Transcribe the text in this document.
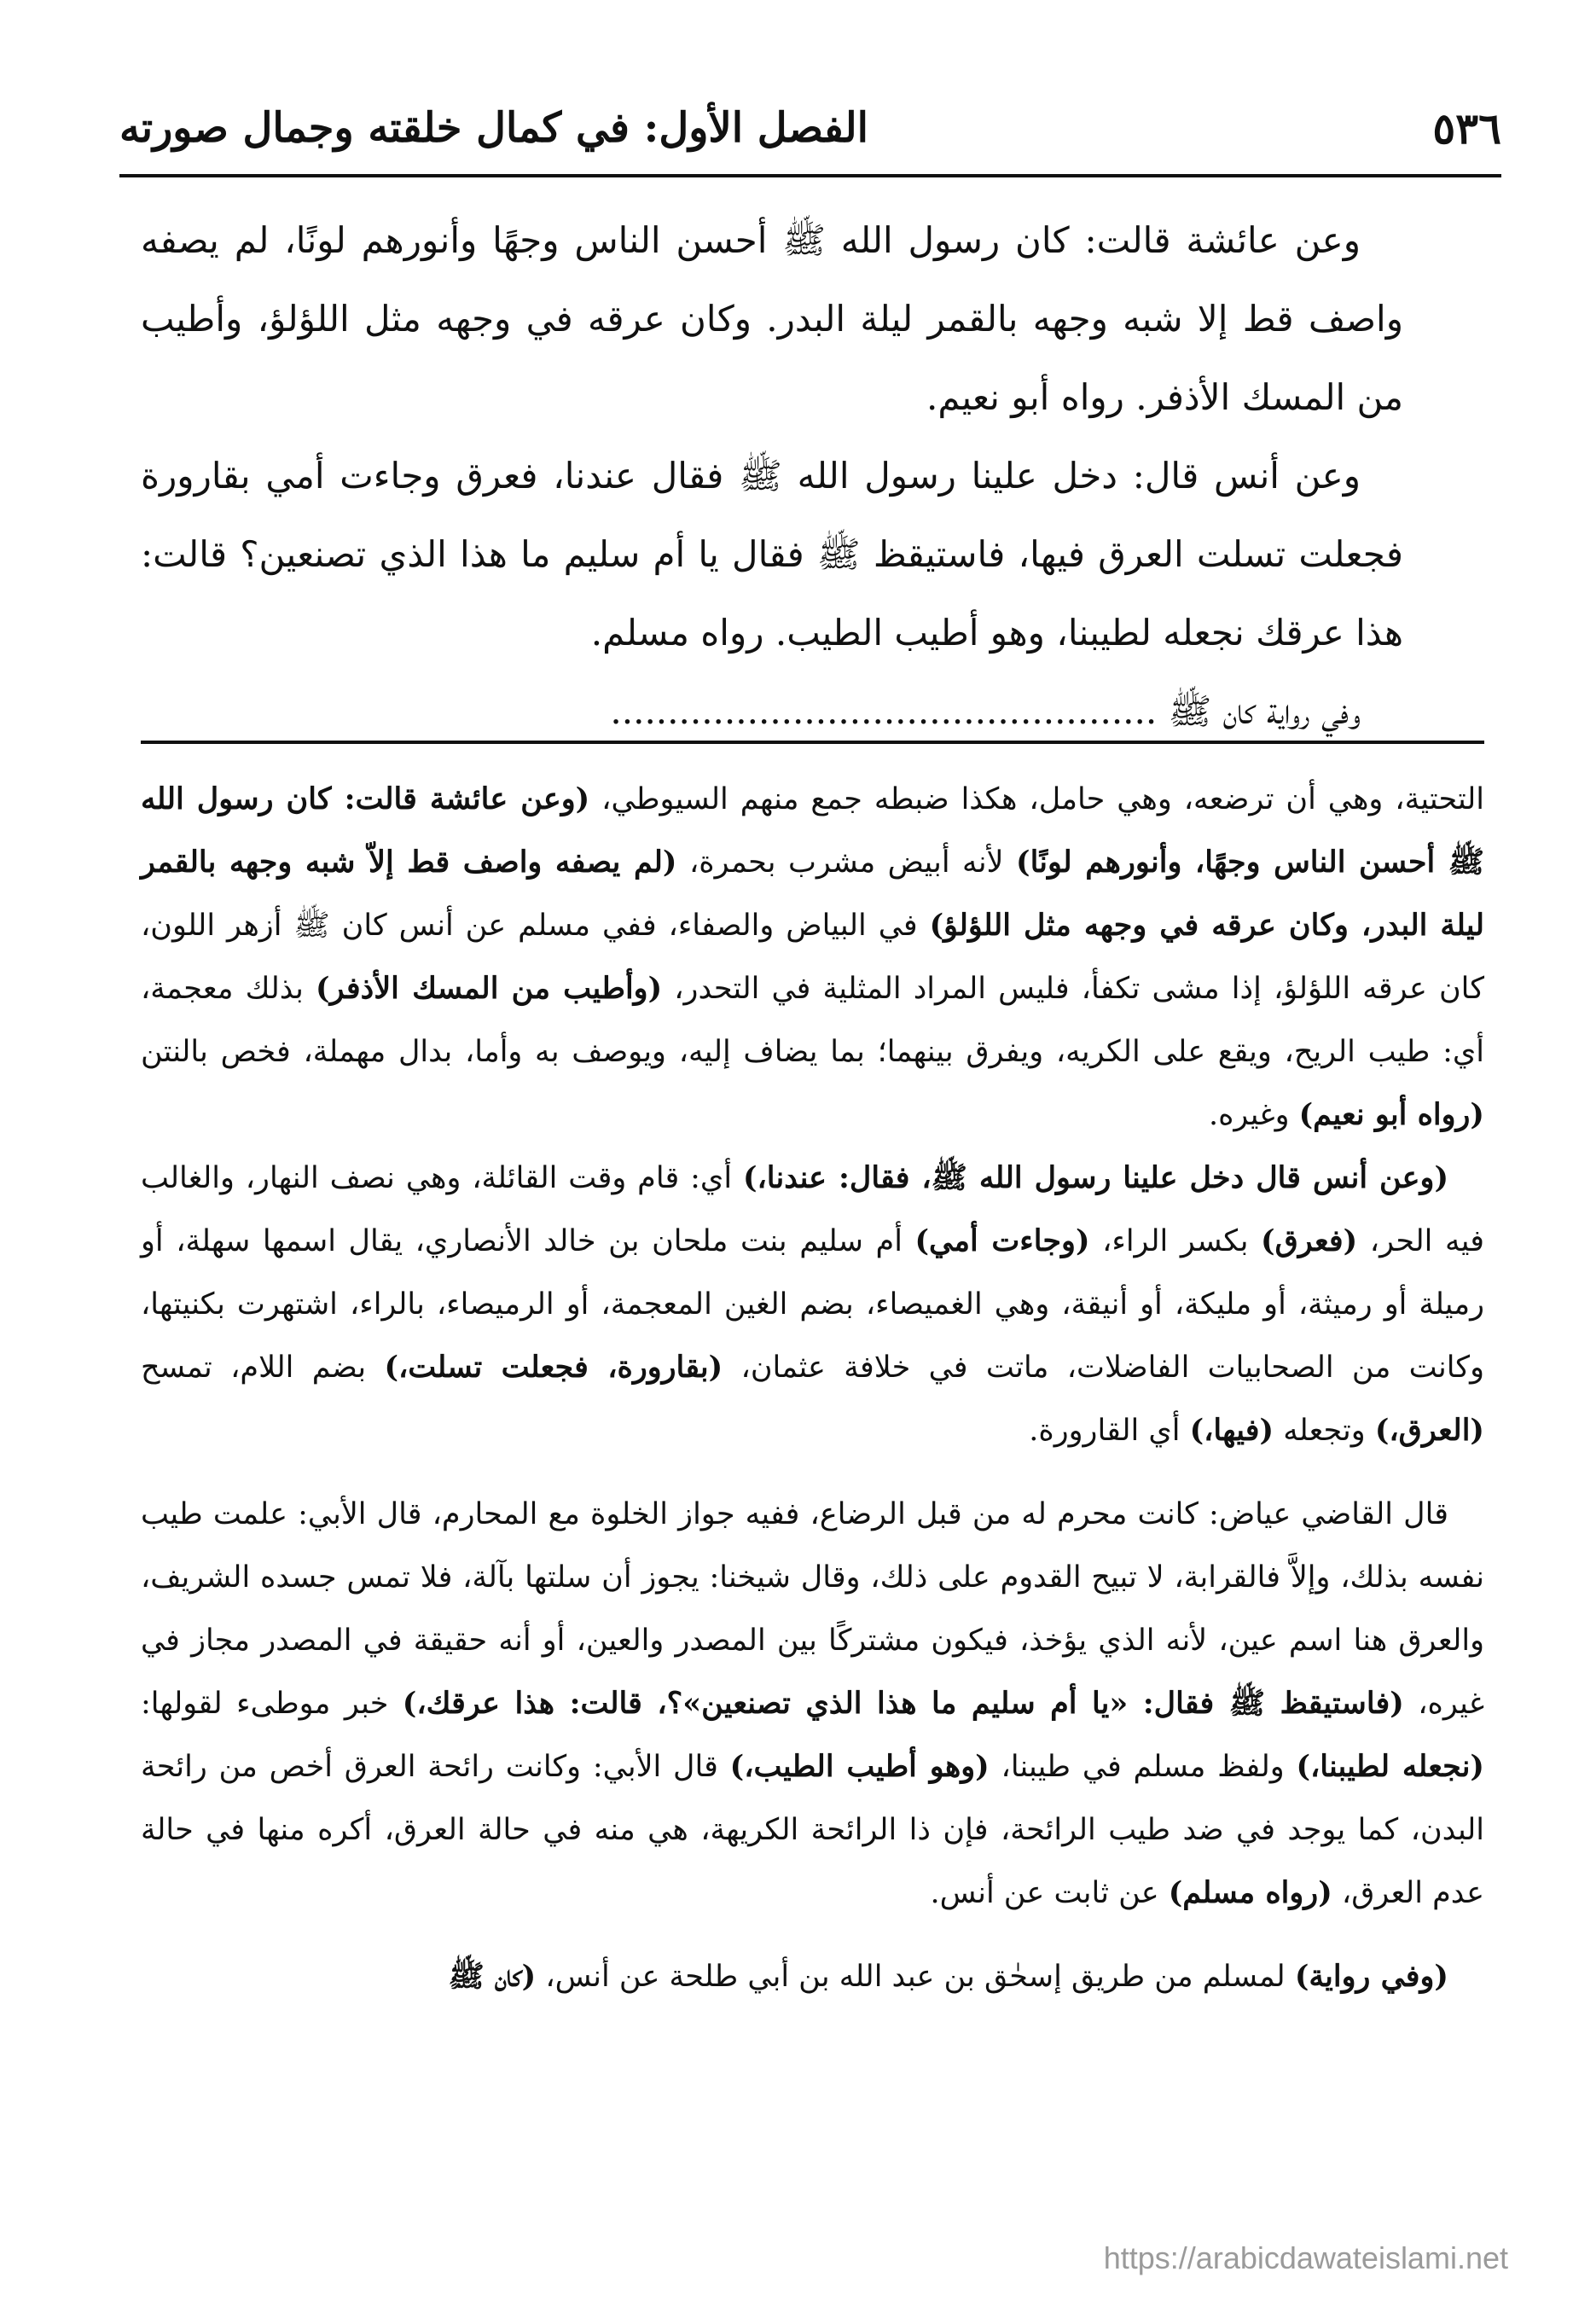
٥٣٦
الفصل الأول: في كمال خلقته وجمال صورته

وعن عائشة قالت: كان رسول الله ﷺ أحسن الناس وجهًا وأنورهم لونًا، لم يصفه واصف قط إلا شبه وجهه بالقمر ليلة البدر. وكان عرقه في وجهه مثل اللؤلؤ، وأطيب من المسك الأذفر. رواه أبو نعيم.

وعن أنس قال: دخل علينا رسول الله ﷺ فقال عندنا، فعرق وجاءت أمي بقارورة فجعلت تسلت العرق فيها، فاستيقظ ﷺ فقال يا أم سليم ما هذا الذي تصنعين؟ قالت: هذا عرقك نجعله لطيبنا، وهو أطيب الطيب. رواه مسلم.

وفي رواية كان ﷺ ................................................

التحتية، وهي أن ترضعه، وهي حامل، هكذا ضبطه جمع منهم السيوطي، (وعن عائشة قالت: كان رسول الله ﷺ أحسن الناس وجهًا، وأنورهم لونًا) لأنه أبيض مشرب بحمرة، (لم يصفه واصف قط إلاّ شبه وجهه بالقمر ليلة البدر، وكان عرقه في وجهه مثل اللؤلؤ) في البياض والصفاء، ففي مسلم عن أنس كان ﷺ أزهر اللون، كان عرقه اللؤلؤ، إذا مشى تكفأ، فليس المراد المثلية في التحدر، (وأطيب من المسك الأذفر) بذلك معجمة، أي: طيب الريح، ويقع على الكريه، ويفرق بينهما؛ بما يضاف إليه، ويوصف به وأما، بدال مهملة، فخص بالنتن (رواه أبو نعيم) وغيره.

(وعن أنس قال دخل علينا رسول الله ﷺ، فقال: عندنا،) أي: قام وقت القائلة، وهي نصف النهار، والغالب فيه الحر، (فعرق) بكسر الراء، (وجاءت أمي) أم سليم بنت ملحان بن خالد الأنصاري، يقال اسمها سهلة، أو رميلة أو رميثة، أو مليكة، أو أنيقة، وهي الغميصاء، بضم الغين المعجمة، أو الرميصاء، بالراء، اشتهرت بكنيتها، وكانت من الصحابيات الفاضلات، ماتت في خلافة عثمان، (بقارورة، فجعلت تسلت،) بضم اللام، تمسح (العرق،) وتجعله (فيها،) أي القارورة.

قال القاضي عياض: كانت محرم له من قبل الرضاع، ففيه جواز الخلوة مع المحارم، قال الأبي: علمت طيب نفسه بذلك، وإلاَّ فالقرابة، لا تبيح القدوم على ذلك، وقال شيخنا: يجوز أن سلتها بآلة، فلا تمس جسده الشريف، والعرق هنا اسم عين، لأنه الذي يؤخذ، فيكون مشتركًا بين المصدر والعين، أو أنه حقيقة في المصدر مجاز في غيره، (فاستيقظ ﷺ فقال: «يا أم سليم ما هذا الذي تصنعين»؟، قالت: هذا عرقك،) خبر موطىء لقولها: (نجعله لطيبنا،) ولفظ مسلم في طيبنا، (وهو أطيب الطيب،) قال الأبي: وكانت رائحة العرق أخص من رائحة البدن، كما يوجد في ضد طيب الرائحة، فإن ذا الرائحة الكريهة، هي منه في حالة العرق، أكره منها في حالة عدم العرق، (رواه مسلم) عن ثابت عن أنس.

(وفي رواية) لمسلم من طريق إسحٰق بن عبد الله بن أبي طلحة عن أنس، (كان ﷺ

https://arabicdawateislami.net
